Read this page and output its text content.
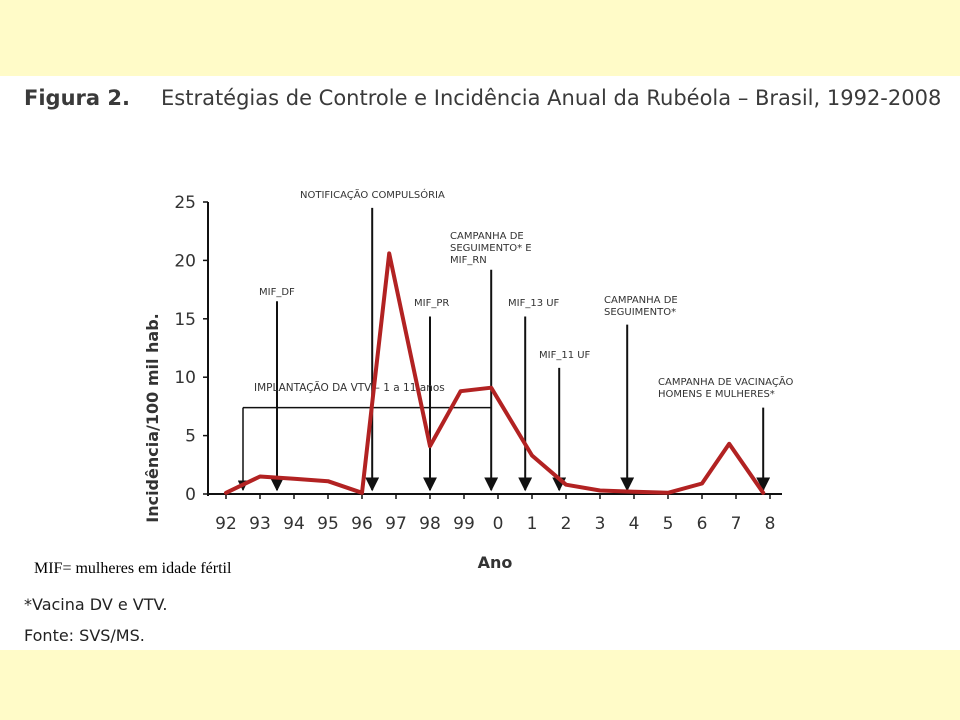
Figura 2. Estratégias de Controle e Incidência Anual da Rubéola – Brasil, 1992-2008
0
5
10
15
20
25
92 93 94 95 96 97 98 99 0 1 2 3 4 5 6 7 8
NOTIFICAÇÃO COMPULSÓRIA
MIF_DF
MIF_PR
CAMPANHA DE SEGUIMENTO* E MIF_RN
MIF_13 UF
MIF_11 UF
CAMPANHA DE SEGUIMENTO*
CAMPANHA DE VACINAÇÃO HOMENS E MULHERES*
IMPLANTAÇÃO DA VTV – 1 a 11 anos
Incidência/100 mil hab.
Ano

MIF= mulheres em idade fértil

*Vacina DV e VTV.

Fonte: SVS/MS.
